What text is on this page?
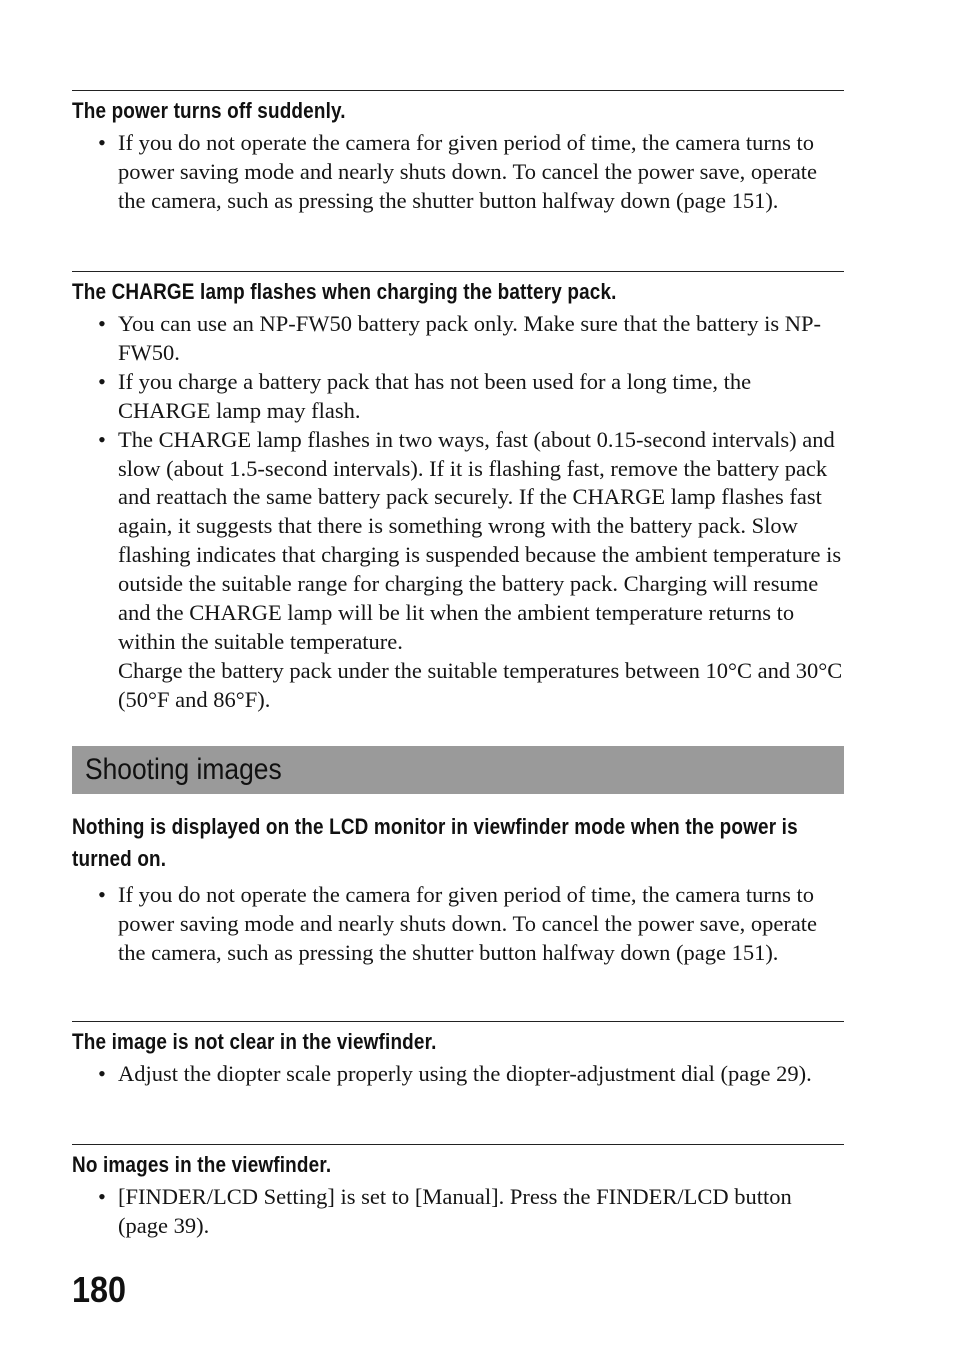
The power turns off suddenly.
• If you do not operate the camera for given period of time, the camera turns to power saving mode and nearly shuts down. To cancel the power save, operate the camera, such as pressing the shutter button halfway down (page 151).
The CHARGE lamp flashes when charging the battery pack.
• You can use an NP-FW50 battery pack only. Make sure that the battery is NP-FW50.
• If you charge a battery pack that has not been used for a long time, the CHARGE lamp may flash.
• The CHARGE lamp flashes in two ways, fast (about 0.15-second intervals) and slow (about 1.5-second intervals). If it is flashing fast, remove the battery pack and reattach the same battery pack securely. If the CHARGE lamp flashes fast again, it suggests that there is something wrong with the battery pack. Slow flashing indicates that charging is suspended because the ambient temperature is outside the suitable range for charging the battery pack. Charging will resume and the CHARGE lamp will be lit when the ambient temperature returns to within the suitable temperature.
Charge the battery pack under the suitable temperatures between 10°C and 30°C (50°F and 86°F).
Shooting images
Nothing is displayed on the LCD monitor in viewfinder mode when the power is turned on.
• If you do not operate the camera for given period of time, the camera turns to power saving mode and nearly shuts down. To cancel the power save, operate the camera, such as pressing the shutter button halfway down (page 151).
The image is not clear in the viewfinder.
• Adjust the diopter scale properly using the diopter-adjustment dial (page 29).
No images in the viewfinder.
• [FINDER/LCD Setting] is set to [Manual]. Press the FINDER/LCD button (page 39).
180
